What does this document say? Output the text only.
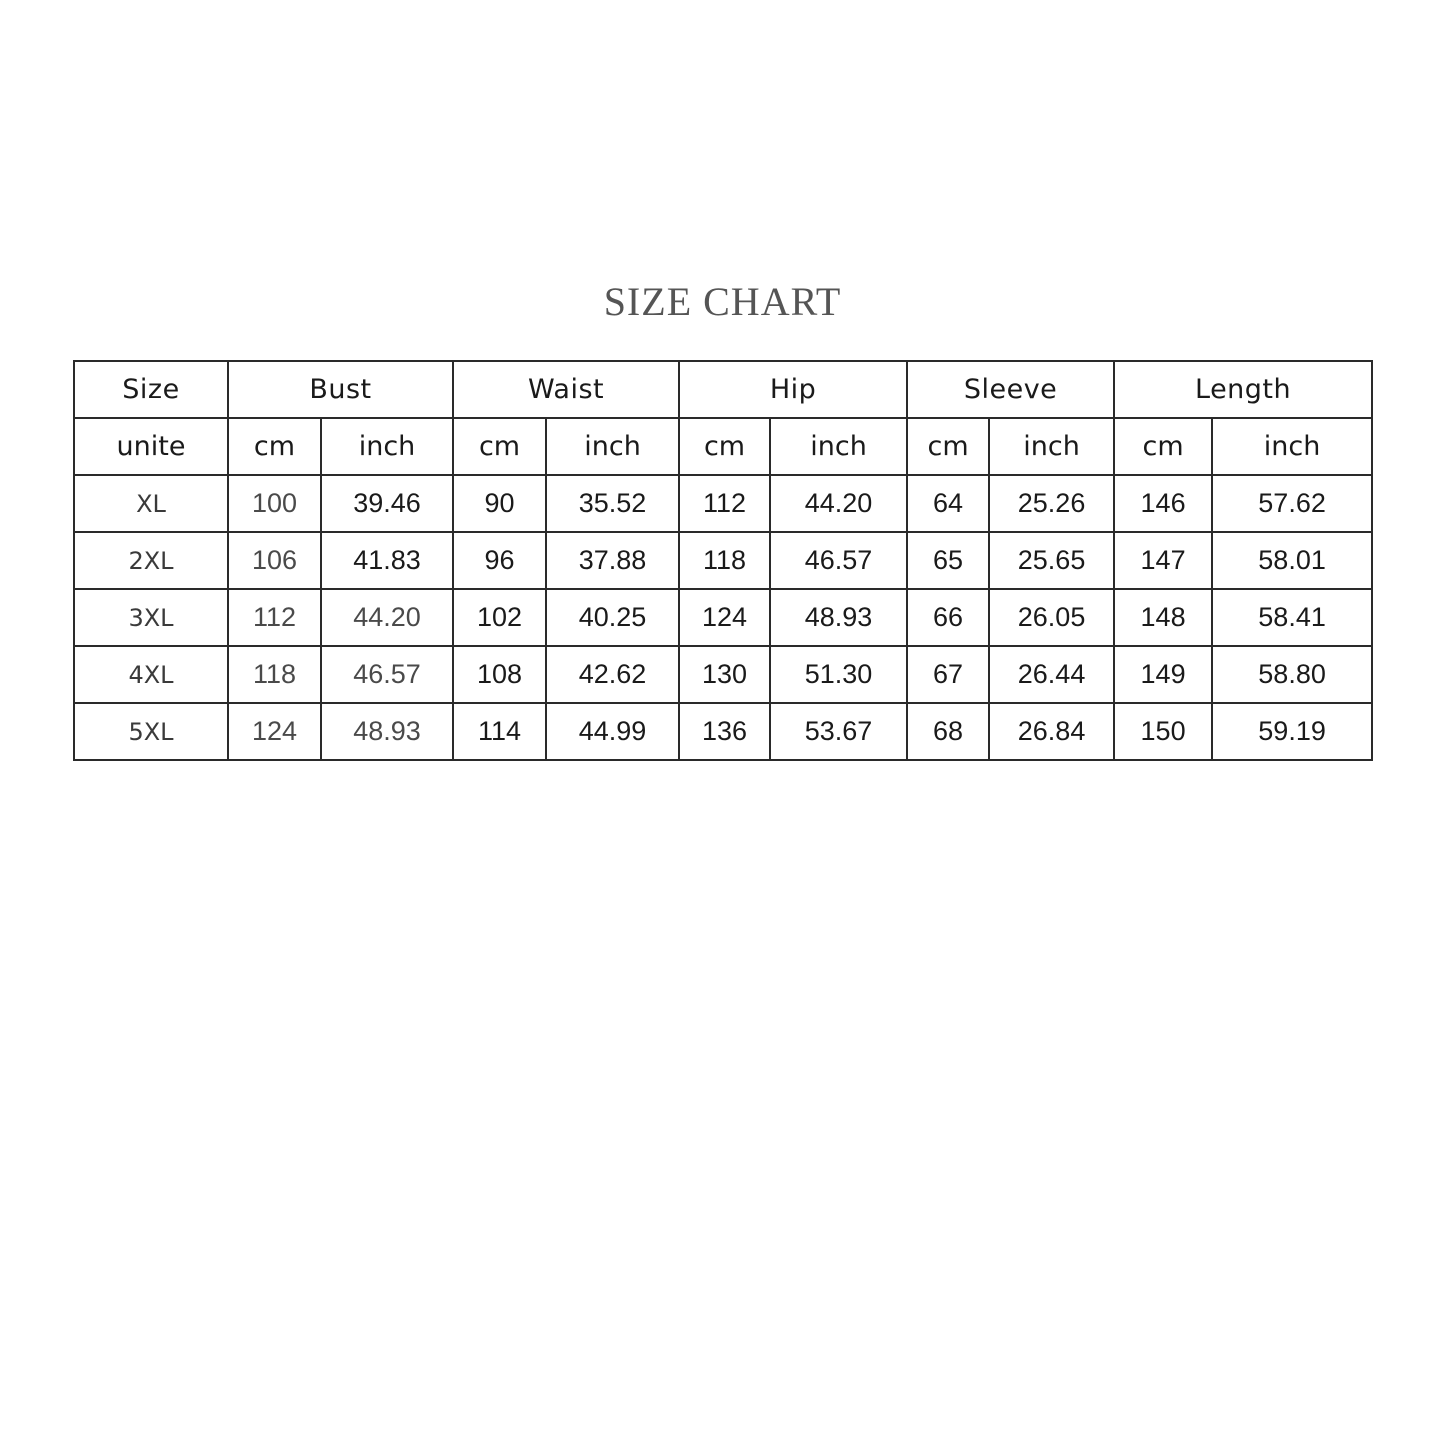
SIZE CHART
Size	Bust		Waist		Hip		Sleeve		Length	
unite	cm	inch	cm	inch	cm	inch	cm	inch	cm	inch
XL	100	39.46	90	35.52	112	44.20	64	25.26	146	57.62
2XL	106	41.83	96	37.88	118	46.57	65	25.65	147	58.01
3XL	112	44.20	102	40.25	124	48.93	66	26.05	148	58.41
4XL	118	46.57	108	42.62	130	51.30	67	26.44	149	58.80
5XL	124	48.93	114	44.99	136	53.67	68	26.84	150	59.19
